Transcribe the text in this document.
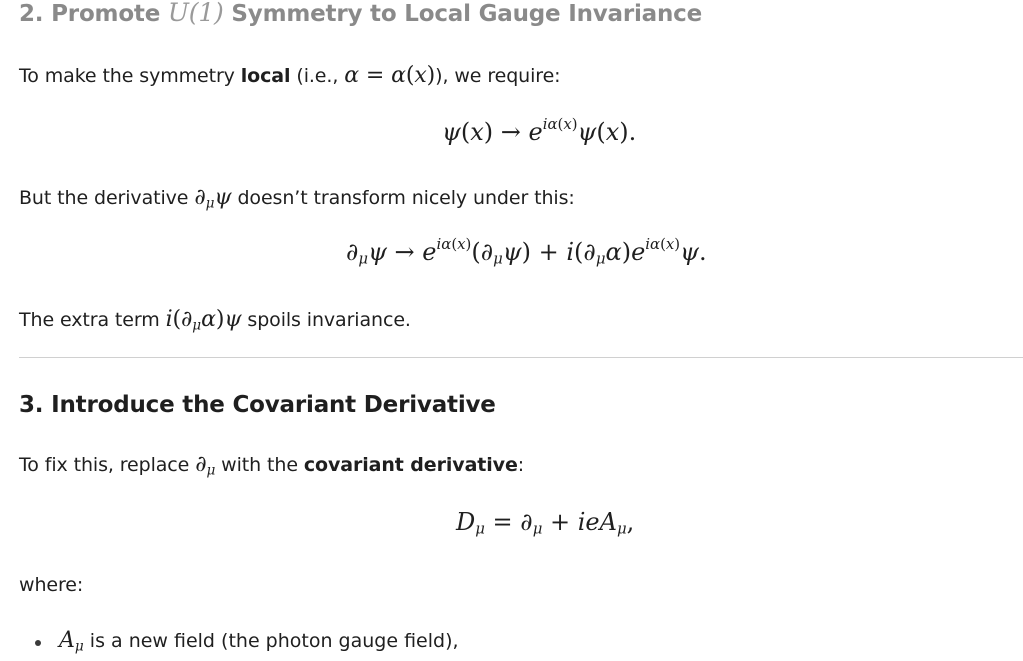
2. Promote U(1) Symmetry to Local Gauge Invariance
To make the symmetry local (i.e., α = α(x)), we require:
$\psi(x) \to e^{i\alpha(x)}\psi(x)$.
But the derivative $\partial_\mu\psi$ doesn’t transform nicely under this:
$\partial_\mu\psi \to e^{i\alpha(x)}(\partial_\mu\psi) + i(\partial_\mu\alpha)e^{i\alpha(x)}\psi$.
The extra term $i(\partial_\mu\alpha)\psi$ spoils invariance.
3. Introduce the Covariant Derivative
To fix this, replace $\partial_\mu$ with the covariant derivative:
$D_\mu = \partial_\mu + ieA_\mu$,
where:
$A_\mu$ is a new field (the photon gauge field),
